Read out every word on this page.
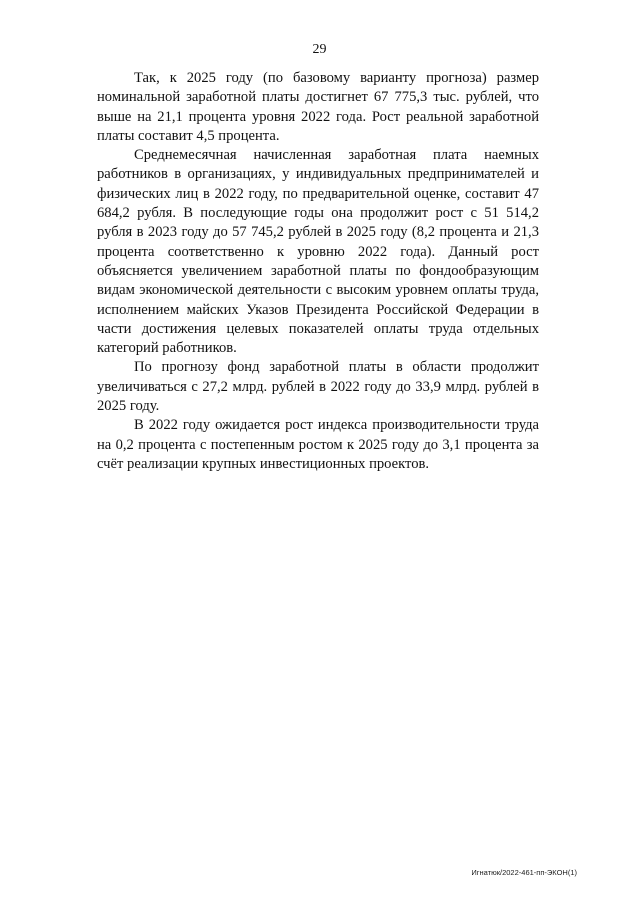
29

Так, к 2025 году (по базовому варианту прогноза) размер номинальной заработной платы достигнет 67 775,3 тыс. рублей, что выше на 21,1 процента уровня 2022 года. Рост реальной заработной платы составит 4,5 процента.

Среднемесячная начисленная заработная плата наемных работников в организациях, у индивидуальных предпринимателей и физических лиц в 2022 году, по предварительной оценке, составит 47 684,2 рубля. В последующие годы она продолжит рост с 51 514,2 рубля в 2023 году до 57 745,2 рублей в 2025 году (8,2 процента и 21,3 процента соответственно к уровню 2022 года). Данный рост объясняется увеличением заработной платы по фондообразующим видам экономической деятельности с высоким уровнем оплаты труда, исполнением майских Указов Президента Российской Федерации в части достижения целевых показателей оплаты труда отдельных категорий работников.

По прогнозу фонд заработной платы в области продолжит увеличиваться с 27,2 млрд. рублей в 2022 году до 33,9 млрд. рублей в 2025 году.

В 2022 году ожидается рост индекса производительности труда на 0,2 процента с постепенным ростом к 2025 году до 3,1 процента за счёт реализации крупных инвестиционных проектов.

Игнатюк/2022-461-пп-ЭКОН(1)
